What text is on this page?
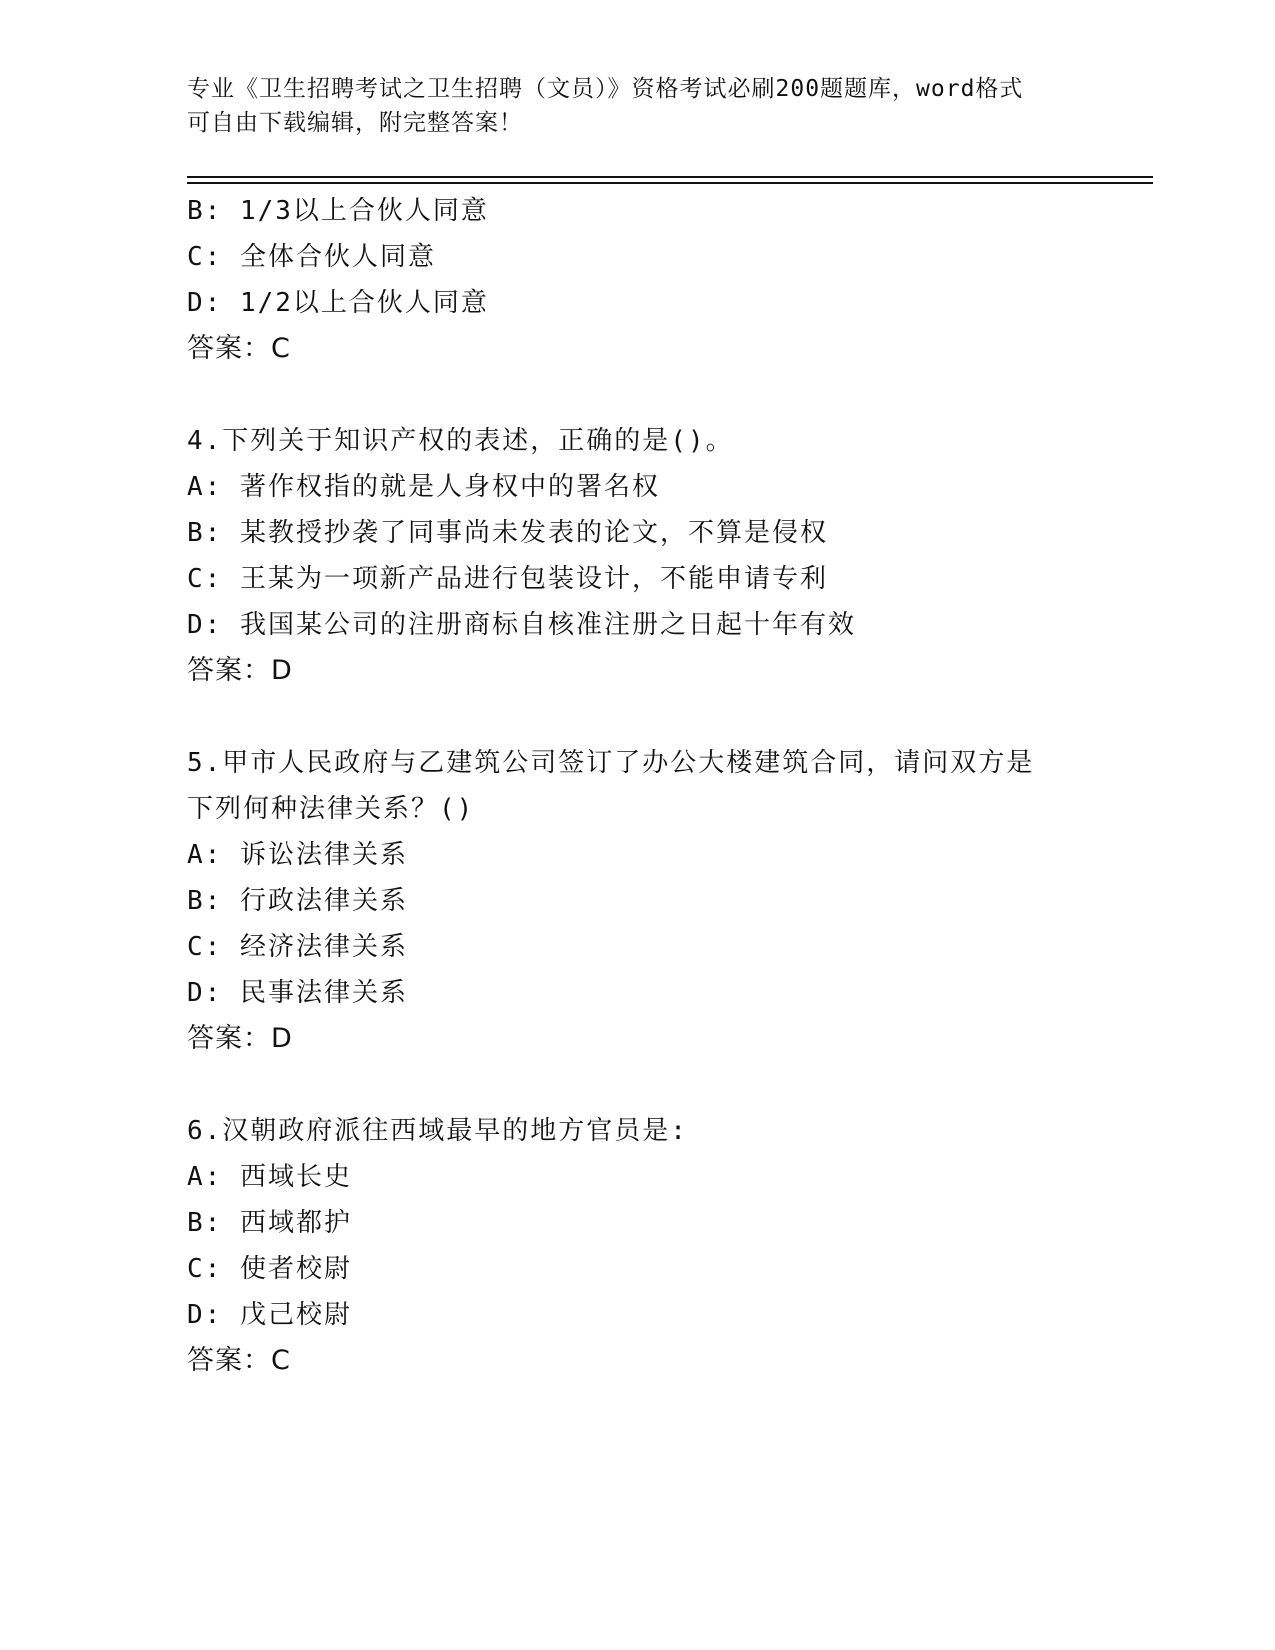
专业《卫生招聘考试之卫生招聘（文员）》资格考试必刷200题题库，word格式
可自由下载编辑，附完整答案！
B: 1/3以上合伙人同意
C: 全体合伙人同意
D: 1/2以上合伙人同意
答案：C
4.下列关于知识产权的表述，正确的是()。
A: 著作权指的就是人身权中的署名权
B: 某教授抄袭了同事尚未发表的论文，不算是侵权
C: 王某为一项新产品进行包装设计，不能申请专利
D: 我国某公司的注册商标自核准注册之日起十年有效
答案：D
5.甲市人民政府与乙建筑公司签订了办公大楼建筑合同，请问双方是
下列何种法律关系？()
A: 诉讼法律关系
B: 行政法律关系
C: 经济法律关系
D: 民事法律关系
答案：D
6.汉朝政府派往西域最早的地方官员是:
A: 西域长史
B: 西域都护
C: 使者校尉
D: 戊己校尉
答案：C
